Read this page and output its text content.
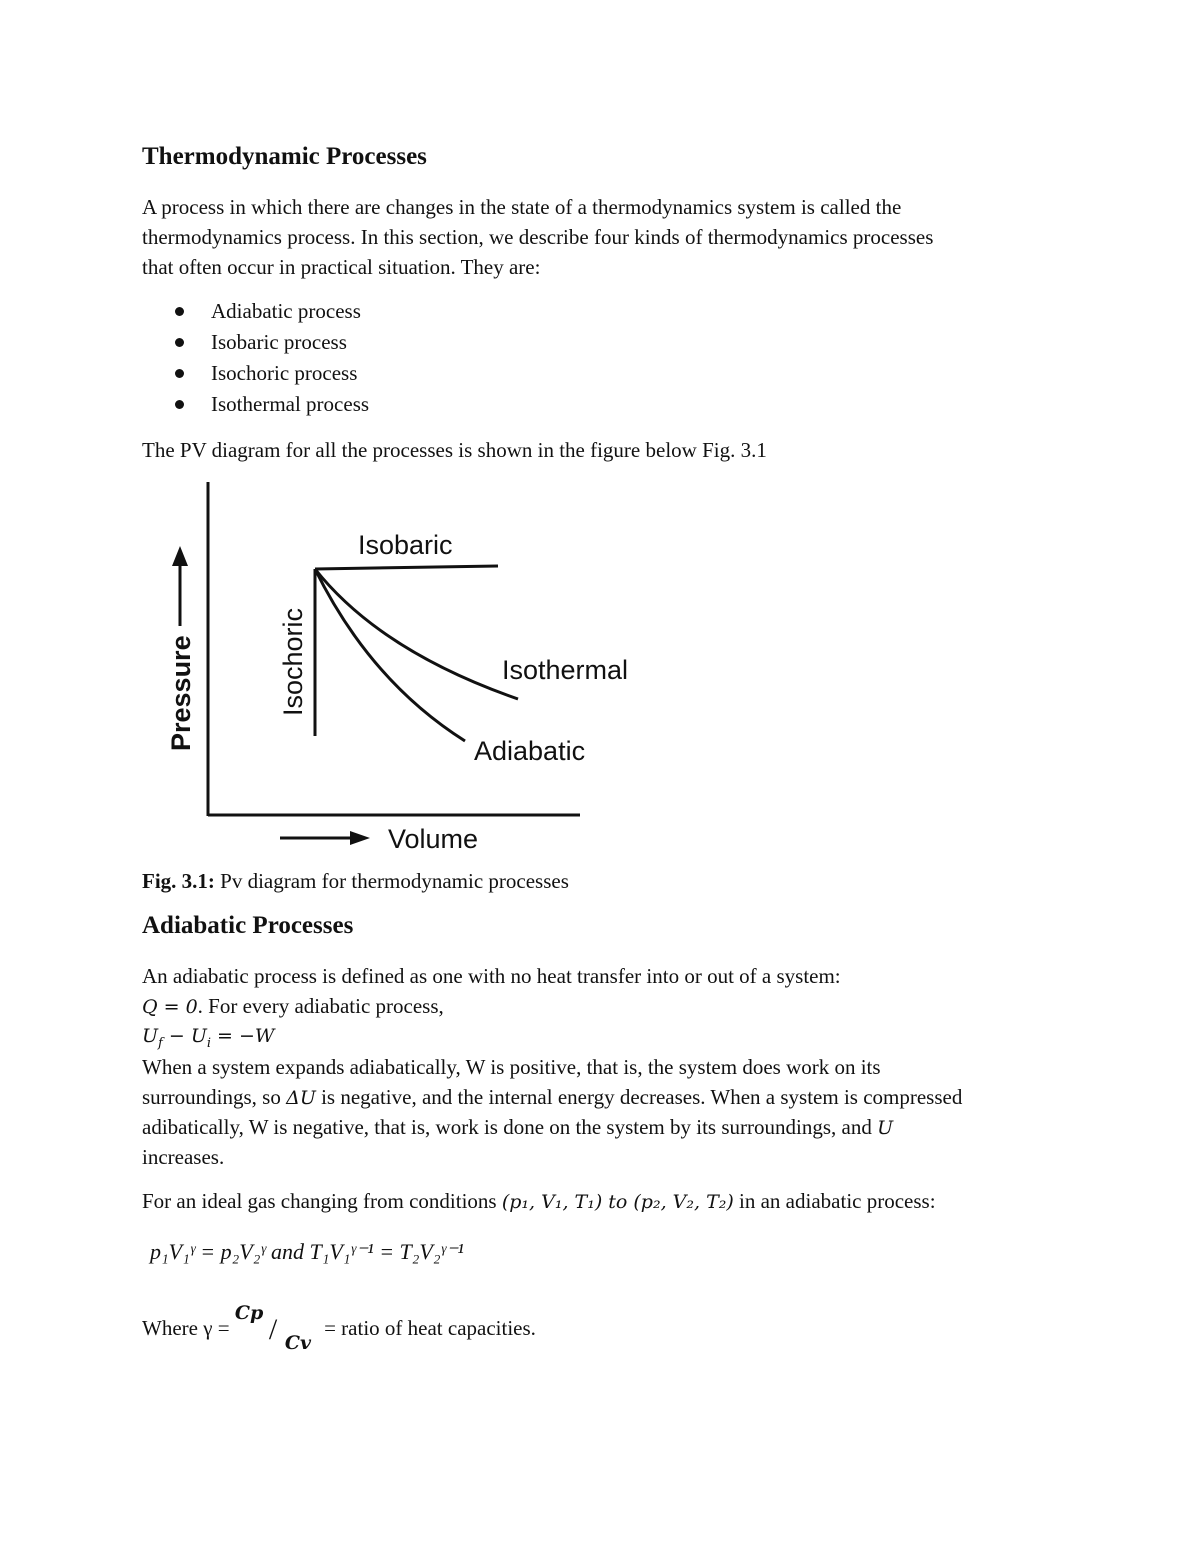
Thermodynamic Processes
A process in which there are changes in the state of a thermodynamics system is called the
thermodynamics process. In this section, we describe four kinds of thermodynamics processes
that often occur in practical situation. They are:
Adiabatic process
Isobaric process
Isochoric process
Isothermal process
The PV diagram for all the processes is shown in the figure below Fig. 3.1
Isobaric
Isochoric	Isothermal
Adiabatic
Pressure
Volume
Fig. 3.1: Pv diagram for thermodynamic processes
Adiabatic Processes
An adiabatic process is defined as one with no heat transfer into or out of a system:
Q = 0. For every adiabatic process,
$U_f - U_i = -W$
When a system expands adiabatically, W is positive, that is, the system does work on its
surroundings, so ΔU is negative, and the internal energy decreases. When a system is compressed
adibatically, W is negative, that is, work is done on the system by its surroundings, and U
increases.
For an ideal gas changing from conditions (p₁, V₁, T₁) to (p₂, V₂, T₂) in an adiabatic process:
p₁V₁ᵞ = p₂V₂ᵞ and T₁V₁ᵞ⁻¹ = T₂V₂ᵞ⁻¹
Where γ =
Cp / Cv
= ratio of heat capacities.
